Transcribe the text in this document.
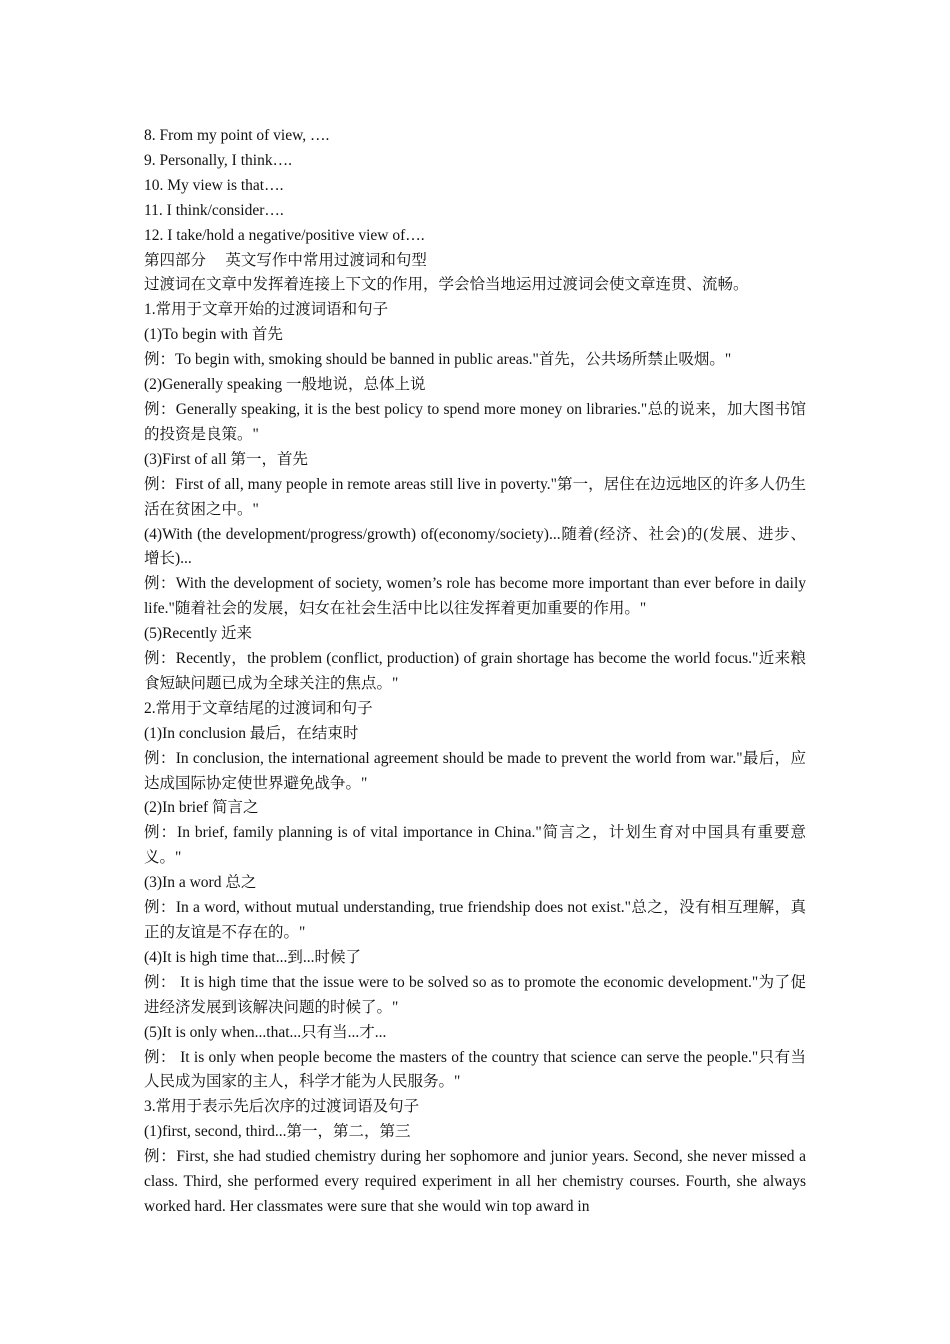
8. From my point of view, ….
9. Personally, I think….
10. My view is that….
11. I think/consider….
12. I take/hold a negative/positive view of….
第四部分　 英文写作中常用过渡词和句型
过渡词在文章中发挥着连接上下文的作用，学会恰当地运用过渡词会使文章连贯、流畅。
1.常用于文章开始的过渡词语和句子
(1)To begin with 首先
例：To begin with, smoking should be banned in public areas."首先，公共场所禁止吸烟。"
(2)Generally speaking 一般地说，总体上说
例：Generally speaking, it is the best policy to spend more money on libraries."总的说来，加大图书馆的投资是良策。"
(3)First of all 第一，首先
例：First of all, many people in remote areas still live in poverty."第一，居住在边远地区的许多人仍生活在贫困之中。"
(4)With (the development/progress/growth) of(economy/society)...随着(经济、社会)的(发展、进步、增长)...
例：With the development of society, women’s role has become more important than ever before in daily life."随着社会的发展，妇女在社会生活中比以往发挥着更加重要的作用。"
(5)Recently 近来
例：Recently，the problem (conflict, production) of grain shortage has become the world focus."近来粮食短缺问题已成为全球关注的焦点。"
2.常用于文章结尾的过渡词和句子
(1)In conclusion 最后，在结束时
例：In conclusion, the international agreement should be made to prevent the world from war."最后，应达成国际协定使世界避免战争。"
(2)In brief 简言之
例：In brief, family planning is of vital importance in China."简言之，计划生育对中国具有重要意义。"
(3)In a word 总之
例：In a word, without mutual understanding, true friendship does not exist."总之，没有相互理解，真正的友谊是不存在的。"
(4)It is high time that...到...时候了
例： It is high time that the issue were to be solved so as to promote the economic development."为了促进经济发展到该解决问题的时候了。"
(5)It is only when...that...只有当...才...
例： It is only when people become the masters of the country that science can serve the people."只有当人民成为国家的主人，科学才能为人民服务。"
3.常用于表示先后次序的过渡词语及句子
(1)first, second, third...第一，第二，第三
例：First, she had studied chemistry during her sophomore and junior years. Second, she never missed a class. Third, she performed every required experiment in all her chemistry courses. Fourth, she always worked hard. Her classmates were sure that she would win top award in
